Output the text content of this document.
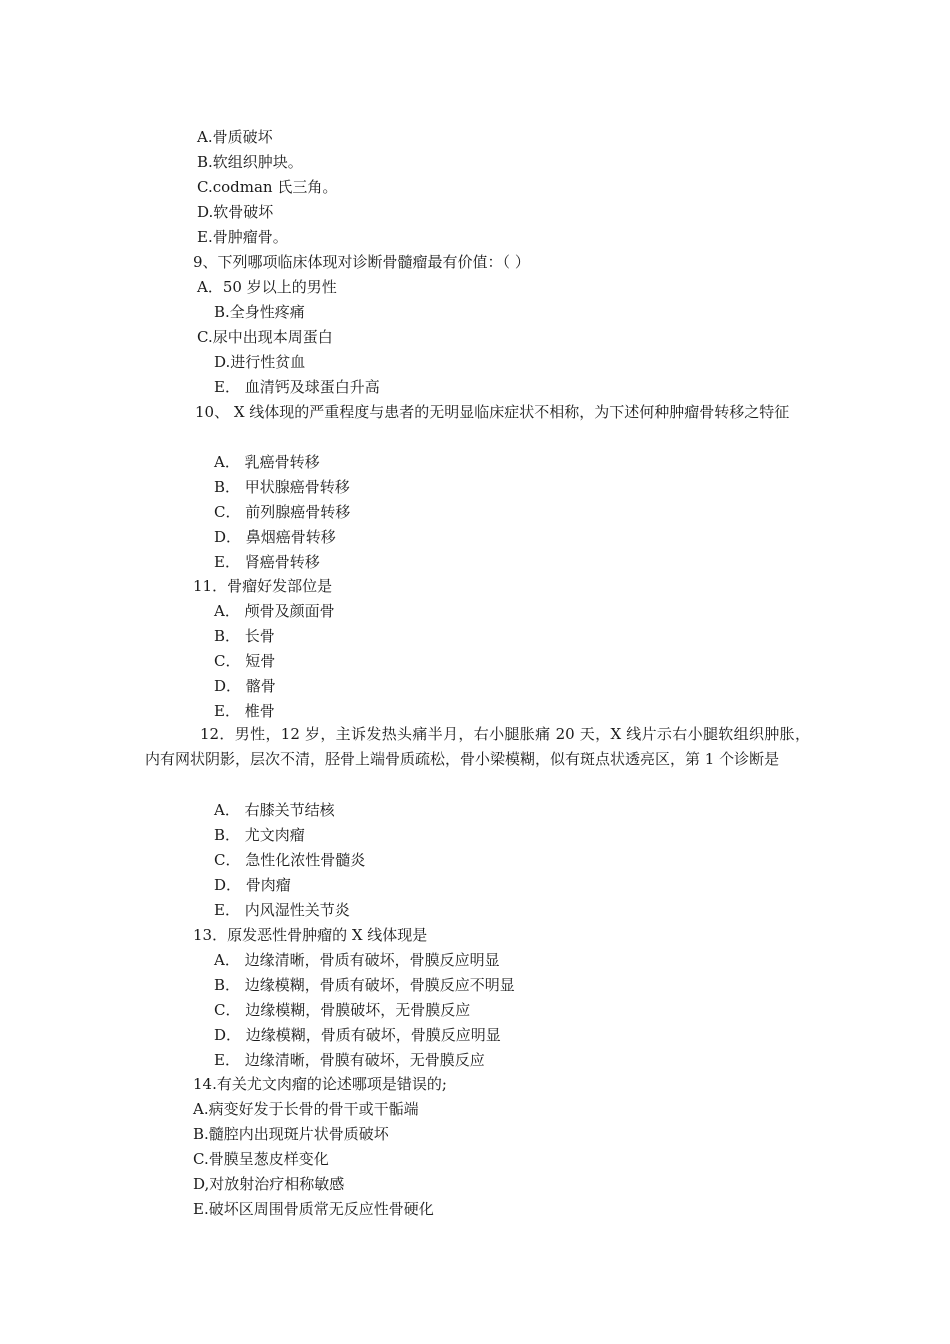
A.骨质破坏
B.软组织肿块。
C.codman 氏三角。
D.软骨破坏
E.骨肿瘤骨。
9、下列哪项临床体现对诊断骨髓瘤最有价值：（ ）
A．50 岁以上的男性
B.全身性疼痛
C.尿中出现本周蛋白
D.进行性贫血
E． 血清钙及球蛋白升高
10、 X 线体现的严重程度与患者的无明显临床症状不相称，为下述何种肿瘤骨转移之特征
A． 乳癌骨转移
B． 甲状腺癌骨转移
C． 前列腺癌骨转移
D． 鼻烟癌骨转移
E． 肾癌骨转移
11．骨瘤好发部位是
A． 颅骨及颜面骨
B． 长骨
C． 短骨
D． 髂骨
E． 椎骨
12．男性，12 岁，主诉发热头痛半月，右小腿胀痛 20 天，X 线片示右小腿软组织肿胀，内有网状阴影，层次不清，胫骨上端骨质疏松，骨小梁模糊，似有斑点状透亮区，第 1 个诊断是
A． 右膝关节结核
B． 尤文肉瘤
C． 急性化浓性骨髓炎
D． 骨肉瘤
E． 内风湿性关节炎
13．原发恶性骨肿瘤的 X 线体现是
A． 边缘清晰，骨质有破坏，骨膜反应明显
B． 边缘模糊，骨质有破坏，骨膜反应不明显
C． 边缘模糊，骨膜破坏，无骨膜反应
D． 边缘模糊，骨质有破坏，骨膜反应明显
E． 边缘清晰，骨膜有破坏，无骨膜反应
14.有关尤文肉瘤的论述哪项是错误的;
A.病变好发于长骨的骨干或干骺端
B.髓腔内出现斑片状骨质破坏
C.骨膜呈葱皮样变化
D,对放射治疗相称敏感
E.破坏区周围骨质常无反应性骨硬化
